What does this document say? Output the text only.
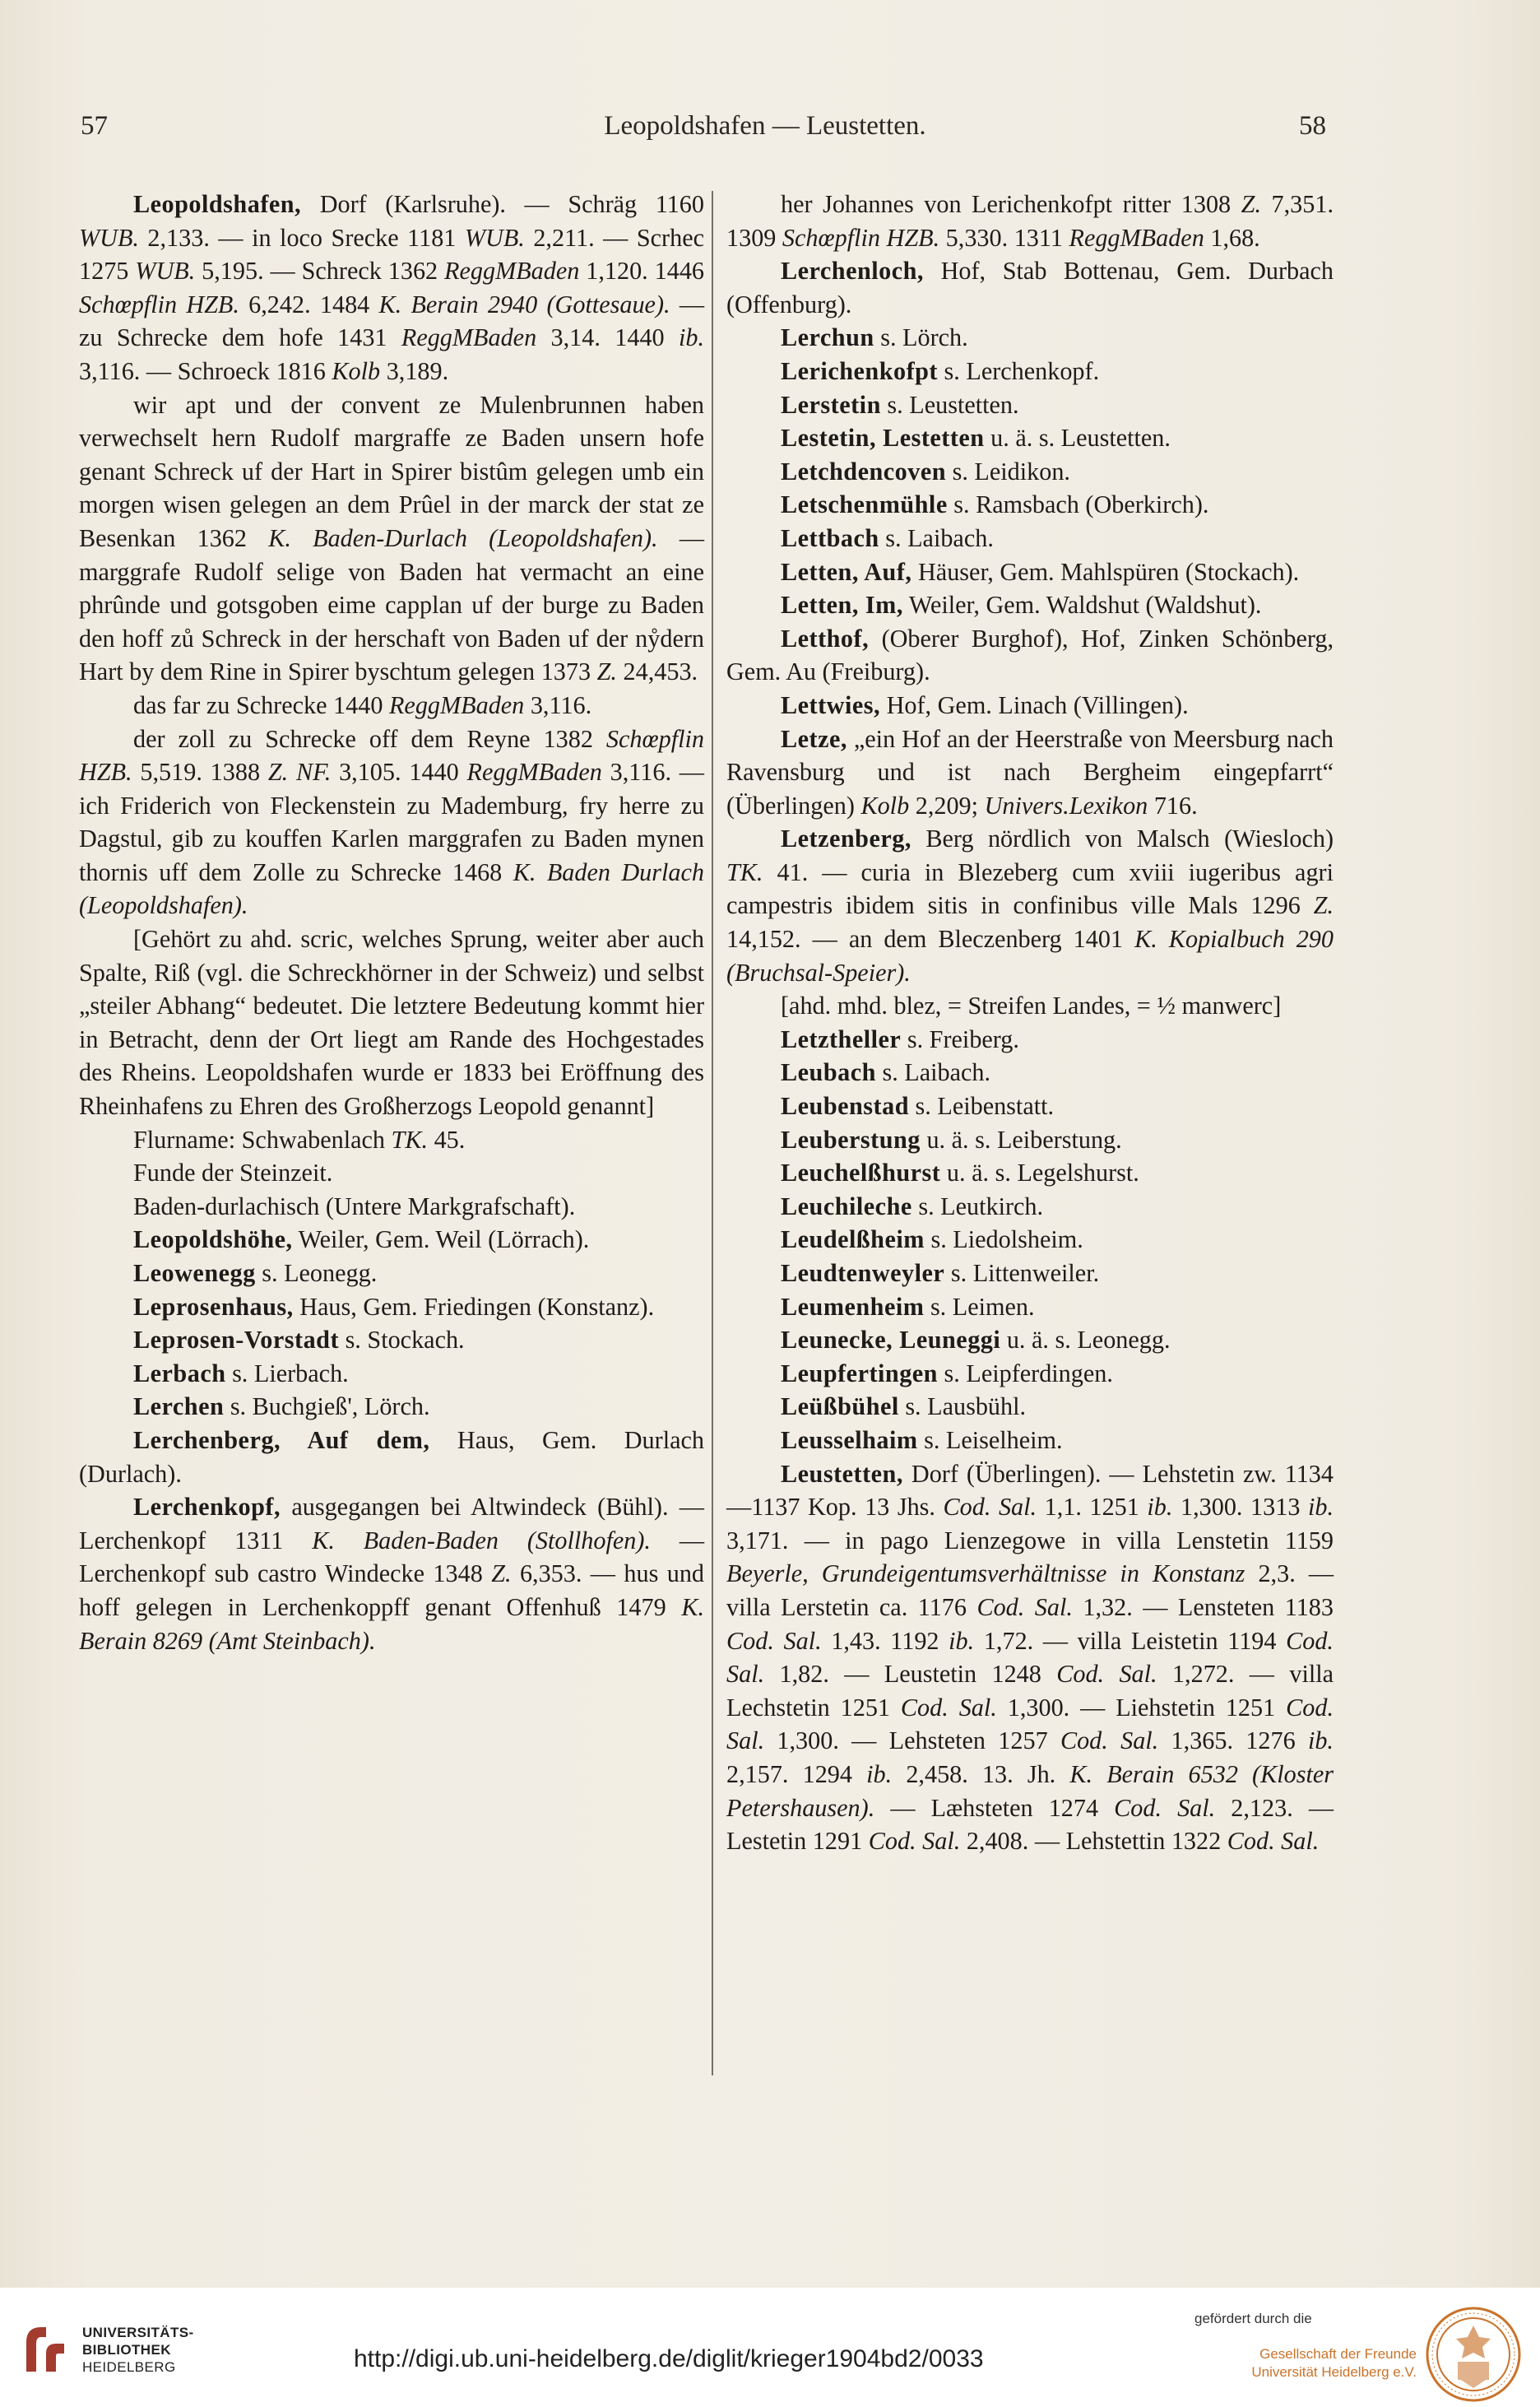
57	Leopoldshafen — Leustetten.	58

Leopoldshafen, Dorf (Karlsruhe). — Schräg 1160 WUB. 2,133. — in loco Srecke 1181 WUB. 2,211. — Scrhec 1275 WUB. 5,195. — Schreck 1362 ReggMBaden 1,120. 1446 Schœpflin HZB. 6,242. 1484 K. Berain 2940 (Gottesaue). — zu Schrecke dem hofe 1431 ReggMBaden 3,14. 1440 ib. 3,116. — Schroeck 1816 Kolb 3,189.

wir apt und der convent ze Mulenbrunnen haben verwechselt hern Rudolf margraffe ze Baden unsern hofe genant Schreck uf der Hart in Spirer bistûm gelegen umb ein morgen wisen gelegen an dem Prûel in der marck der stat ze Besenkan 1362 K. Baden-Durlach (Leopoldshafen). — marggrafe Rudolf selige von Baden hat vermacht an eine phrûnde und gotsgoben eime capplan uf der burge zu Baden den hoff zů Schreck in der herschaft von Baden uf der nẙdern Hart by dem Rine in Spirer byschtum gelegen 1373 Z. 24,453.

das far zu Schrecke 1440 ReggMBaden 3,116.

der zoll zu Schrecke off dem Reyne 1382 Schœpflin HZB. 5,519. 1388 Z. NF. 3,105. 1440 ReggMBaden 3,116. — ich Friderich von Fleckenstein zu Mademburg, fry herre zu Dagstul, gib zu kouffen Karlen marggrafen zu Baden mynen thornis uff dem Zolle zu Schrecke 1468 K. Baden Durlach (Leopoldshafen).

[Gehört zu ahd. scric, welches Sprung, weiter aber auch Spalte, Riß (vgl. die Schreckhörner in der Schweiz) und selbst „steiler Abhang“ bedeutet. Die letztere Bedeutung kommt hier in Betracht, denn der Ort liegt am Rande des Hochgestades des Rheins. Leopoldshafen wurde er 1833 bei Eröffnung des Rheinhafens zu Ehren des Großherzogs Leopold genannt]

Flurname: Schwabenlach TK. 45.

Funde der Steinzeit.

Baden-durlachisch (Untere Markgrafschaft).

Leopoldshöhe, Weiler, Gem. Weil (Lörrach).

Leowenegg s. Leonegg.

Leprosenhaus, Haus, Gem. Friedingen (Konstanz).

Leprosen-Vorstadt s. Stockach.

Lerbach s. Lierbach.

Lerchen s. Buchgieß', Lörch.

Lerchenberg, Auf dem, Haus, Gem. Durlach (Durlach).

Lerchenkopf, ausgegangen bei Altwindeck (Bühl). — Lerchenkopf 1311 K. Baden-Baden (Stollhofen). — Lerchenkopf sub castro Windecke 1348 Z. 6,353. — hus und hoff gelegen in Lerchenkoppff genant Offenhuß 1479 K. Berain 8269 (Amt Steinbach).

her Johannes von Lerichenkofpt ritter 1308 Z. 7,351. 1309 Schœpflin HZB. 5,330. 1311 ReggMBaden 1,68.

Lerchenloch, Hof, Stab Bottenau, Gem. Durbach (Offenburg).

Lerchun s. Lörch.

Lerichenkofpt s. Lerchenkopf.

Lerstetin s. Leustetten.

Lestetin, Lestetten u. ä. s. Leustetten.

Letchdencoven s. Leidikon.

Letschenmühle s. Ramsbach (Oberkirch).

Lettbach s. Laibach.

Letten, Auf, Häuser, Gem. Mahlspüren (Stockach).

Letten, Im, Weiler, Gem. Waldshut (Waldshut).

Letthof, (Oberer Burghof), Hof, Zinken Schönberg, Gem. Au (Freiburg).

Lettwies, Hof, Gem. Linach (Villingen).

Letze, „ein Hof an der Heerstraße von Meersburg nach Ravensburg und ist nach Bergheim eingepfarrt“ (Überlingen) Kolb 2,209; Univers.Lexikon 716.

Letzenberg, Berg nördlich von Malsch (Wiesloch) TK. 41. — curia in Blezeberg cum xviii iugeribus agri campestris ibidem sitis in confinibus ville Mals 1296 Z. 14,152. — an dem Bleczenberg 1401 K. Kopialbuch 290 (Bruchsal-Speier).

[ahd. mhd. blez, = Streifen Landes, = ½ manwerc]

Letztheller s. Freiberg.

Leubach s. Laibach.

Leubenstad s. Leibenstatt.

Leuberstung u. ä. s. Leiberstung.

Leuchelßhurst u. ä. s. Legelshurst.

Leuchileche s. Leutkirch.

Leudelßheim s. Liedolsheim.

Leudtenweyler s. Littenweiler.

Leumenheim s. Leimen.

Leunecke, Leuneggi u. ä. s. Leonegg.

Leupfertingen s. Leipferdingen.

Leüßbühel s. Lausbühl.

Leusselhaim s. Leiselheim.

Leustetten, Dorf (Überlingen). — Lehstetin zw. 1134—1137 Kop. 13 Jhs. Cod. Sal. 1,1. 1251 ib. 1,300. 1313 ib. 3,171. — in pago Lienzegowe in villa Lenstetin 1159 Beyerle, Grundeigentumsverhältnisse in Konstanz 2,3. — villa Lerstetin ca. 1176 Cod. Sal. 1,32. — Lensteten 1183 Cod. Sal. 1,43. 1192 ib. 1,72. — villa Leistetin 1194 Cod. Sal. 1,82. — Leustetin 1248 Cod. Sal. 1,272. — villa Lechstetin 1251 Cod. Sal. 1,300. — Liehstetin 1251 Cod. Sal. 1,300. — Lehsteten 1257 Cod. Sal. 1,365. 1276 ib. 2,157. 1294 ib. 2,458. 13. Jh. K. Berain 6532 (Kloster Petershausen). — Læhsteten 1274 Cod. Sal. 2,123. — Lestetin 1291 Cod. Sal. 2,408. — Lehstettin 1322 Cod. Sal.

UNIVERSITÄTS-
BIBLIOTHEK
HEIDELBERG	http://digi.ub.uni-heidelberg.de/diglit/krieger1904bd2/0033
gefördert durch die
Gesellschaft der Freunde
Universität Heidelberg e.V.
